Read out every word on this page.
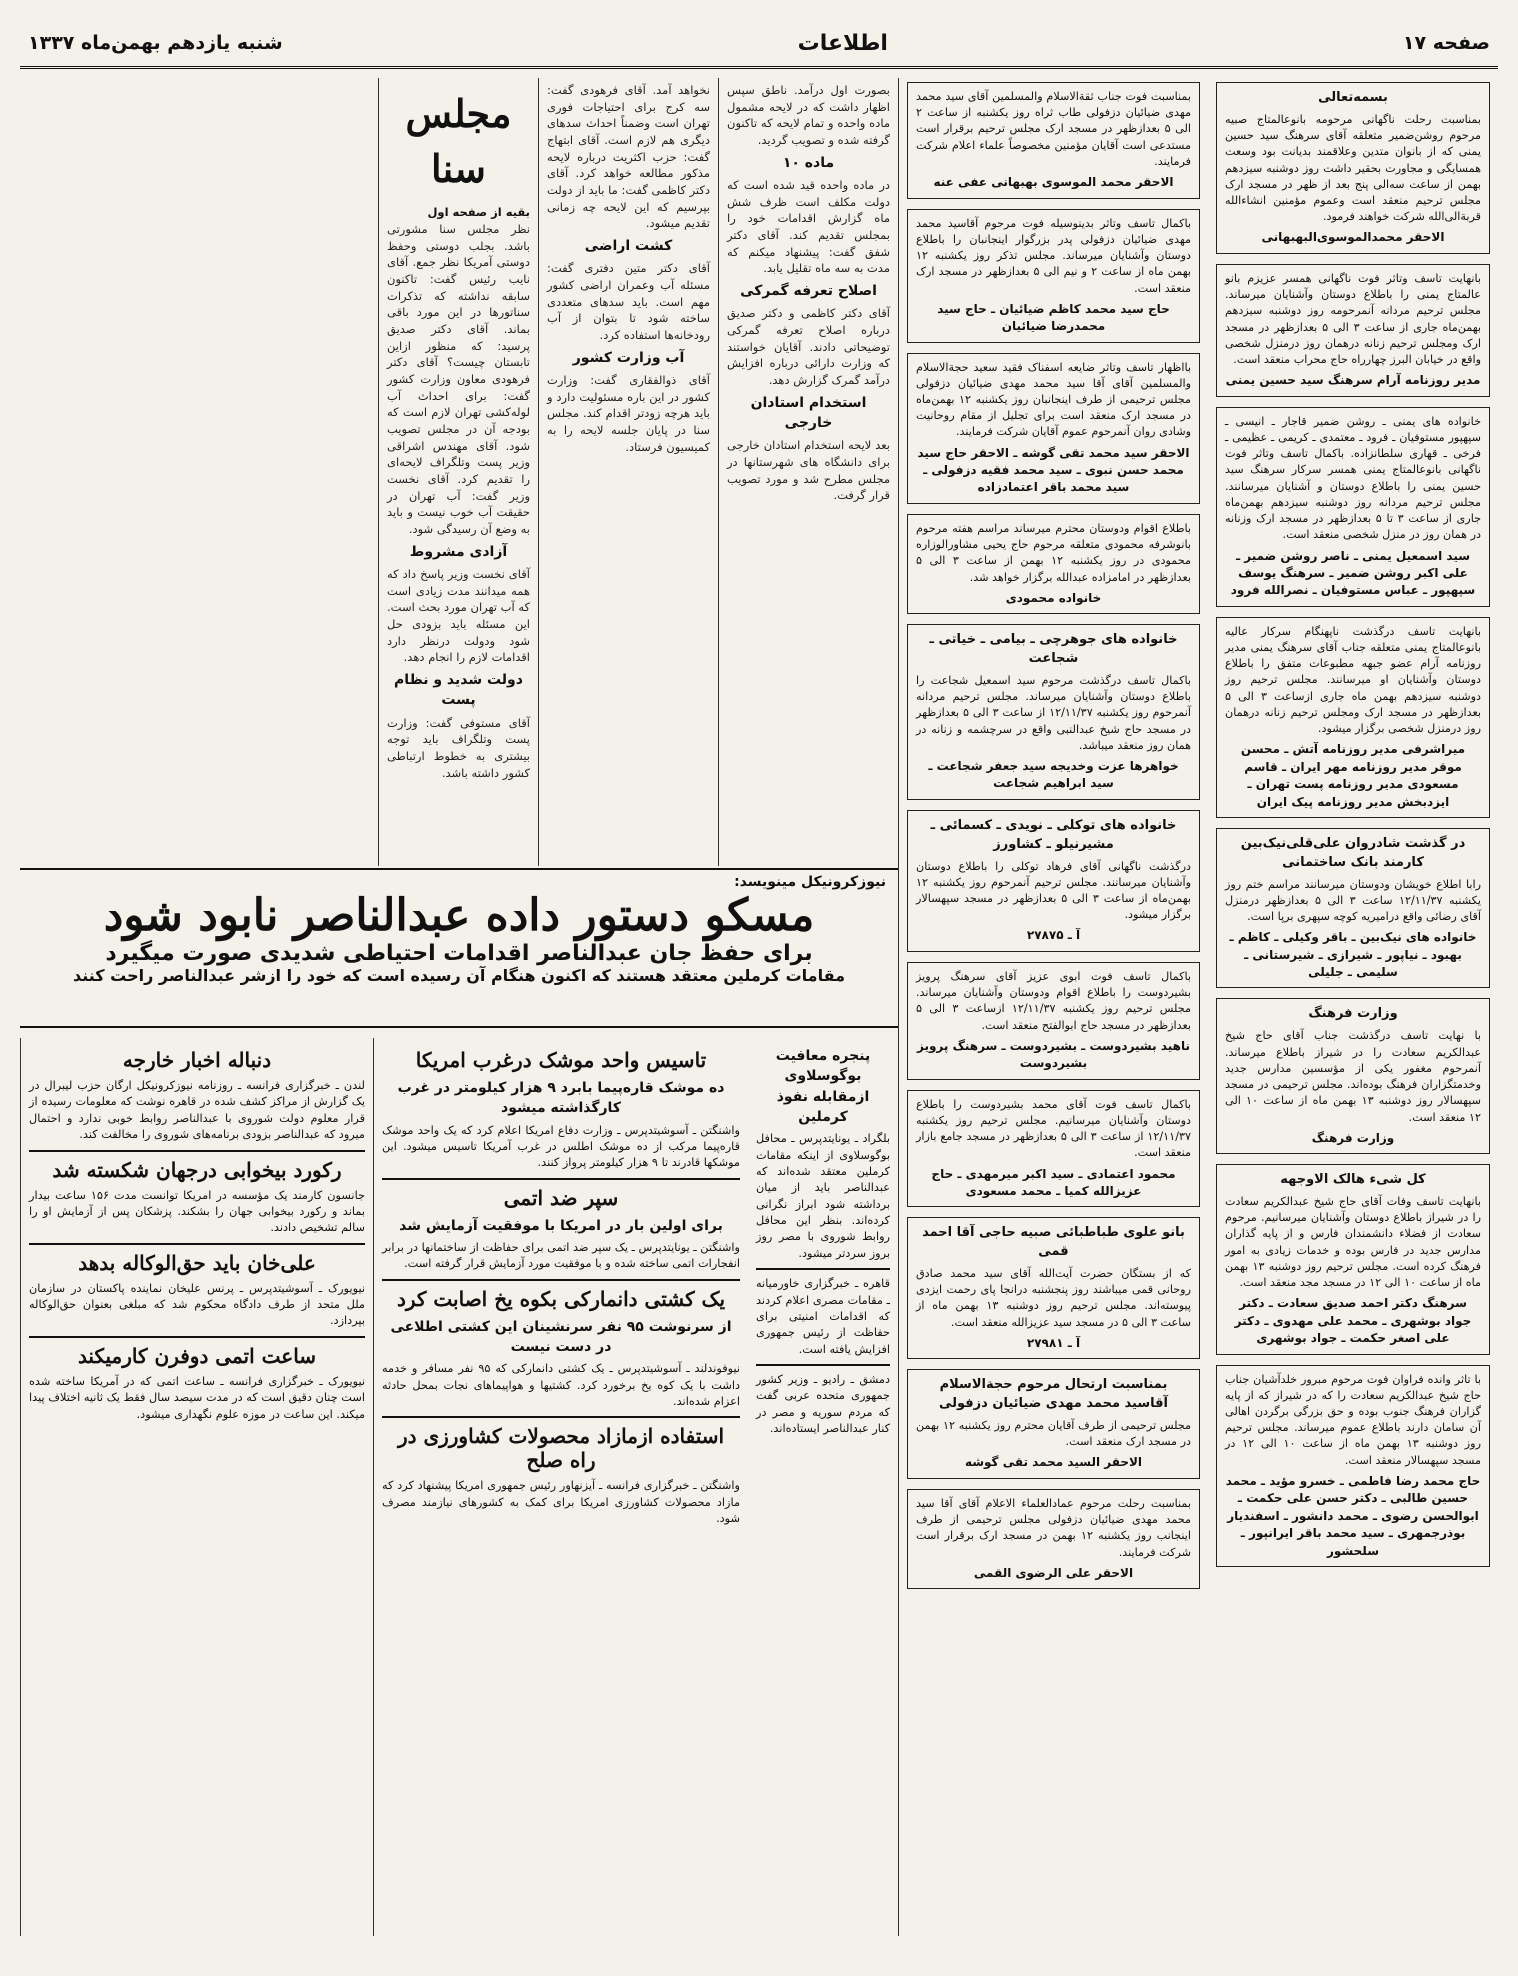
صفحه ۱۷
اطلاعات
شنبه یازدهم بهمن‌ماه ۱۳۳۷
بسمه‌تعالی
بمناسبت رحلت ناگهانی مرحومه بانوعالمتاج صبیه مرحوم روشن‌ضمیر متعلقه آقای سرهنگ سید حسین یمنی که از بانوان متدین وعلاقمند بدیانت بود وسعت همسایگی و مجاورت بحقیر داشت روز دوشنبه سیزدهم بهمن از ساعت سه‌الی پنج بعد از ظهر در مسجد ارک مجلس ترحیم منعقد است وعموم مؤمنین انشاءالله قربةالی‌الله شرکت خواهند فرمود.
الاحقر محمدالموسوی‌البهبهانی
بانهایت تاسف وتاثر فوت ناگهانی همسر عزیزم بانو عالمتاج یمنی را باطلاع دوستان وآشنایان میرساند. مجلس ترحیم مردانه آنمرحومه روز دوشنبه سیزدهم بهمن‌ماه جاری از ساعت ۳ الی ۵ بعدازظهر در مسجد ارک ومجلس ترحیم زنانه درهمان روز درمنزل شخصی واقع در خیابان البرز چهارراه حاج محراب منعقد است.
مدیر روزنامه آرام سرهنگ سید حسین یمنی
خانواده های یمنی ـ روشن ضمیر قاجار ـ انیسی ـ سپهپور مستوفیان ـ فرود ـ معتمدی ـ کریمی ـ عظیمی ـ فرخی ـ قهاری سلطانزاده. باکمال تاسف وتاثر فوت ناگهانی بانوعالمتاج یمنی همسر سرکار سرهنگ سید حسین یمنی را باطلاع دوستان و آشنایان میرسانند. مجلس ترحیم مردانه روز دوشنبه سیزدهم بهمن‌ماه جاری از ساعت ۳ تا ۵ بعدازظهر در مسجد ارک وزنانه در همان روز در منزل شخصی منعقد است.
سید اسمعیل یمنی ـ ناصر روشن ضمیر ـ علی اکبر روشن ضمیر ـ سرهنگ یوسف سپهپور ـ عباس مستوفیان ـ نصرالله فرود
بانهایت تاسف درگذشت ناپهنگام سرکار عالیه بانوعالمتاج یمنی متعلقه جناب آقای سرهنگ یمنی مدیر روزنامه آرام عضو جبهه مطبوعات متفق را باطلاع دوستان وآشنایان او میرسانند. مجلس ترحیم روز دوشنبه سیزدهم بهمن ماه جاری ازساعت ۳ الی ۵ بعدازظهر در مسجد ارک ومجلس ترحیم زنانه درهمان روز درمنزل شخصی برگزار میشود.
میراشرفی مدیر روزنامه آتش ـ محسن موقر مدیر روزنامه مهر ایران ـ قاسم مسعودی مدیر روزنامه پست تهران ـ ایزدبخش مدیر روزنامه پیک ایران
در گذشت شادروان علی‌قلی‌نیک‌بین کارمند بانک ساختمانی
رابا اطلاع خویشان ودوستان میرسانند مراسم ختم روز یکشنبه ۱۲/۱۱/۳۷ ساعت ۳ الی ۵ بعدازظهر درمنزل آقای رضائی واقع درامیریه کوچه سپهری برپا است.
خانواده های نیک‌بین ـ باقر وکیلی ـ کاظم ـ بهبود ـ نیاپور ـ شیرازی ـ شیرستانی ـ سلیمی ـ جلیلی
وزارت فرهنگ
با نهایت تاسف درگذشت جناب آقای حاج شیخ عبدالکریم سعادت را در شیراز باطلاع میرساند. آنمرحوم مغفور یکی از مؤسسین مدارس جدید وخدمتگزاران فرهنگ بوده‌اند. مجلس ترحیمی در مسجد سپهسالار روز دوشنبه ۱۳ بهمن ماه از ساعت ۱۰ الی ۱۲ منعقد است.
وزارت فرهنگ
کل شیء هالک الاوجهه
بانهایت تاسف وفات آقای حاج شیخ عبدالکریم سعادت را در شیراز باطلاع دوستان وآشنایان میرسانیم. مرحوم سعادت از فضلاء دانشمندان فارس و از پایه گذاران مدارس جدید در فارس بوده و خدمات زیادی به امور فرهنگ کرده است. مجلس ترحیم روز دوشنبه ۱۳ بهمن ماه از ساعت ۱۰ الی ۱۲ در مسجد مجد منعقد است.
سرهنگ دکتر احمد صدیق سعادت ـ دکتر جواد بوشهری ـ محمد علی مهدوی ـ دکتر علی اصغر حکمت ـ جواد بوشهری
با تاثر وانده فراوان فوت مرحوم مبرور خلدآشیان جناب حاج شیخ عبدالکریم سعادت را که در شیراز که از پایه گزاران فرهنگ جنوب بوده و حق بزرگی برگردن اهالی آن سامان دارند باطلاع عموم میرساند. مجلس ترحیم روز دوشنبه ۱۳ بهمن ماه از ساعت ۱۰ الی ۱۲ در مسجد سپهسالار منعقد است.
حاج محمد رضا فاطمی ـ خسرو مؤید ـ محمد حسین طالبی ـ دکتر حسن علی حکمت ـ ابوالحسن رضوی ـ محمد دانشور ـ اسفندیار بوذرجمهری ـ سید محمد باقر ایرانپور ـ سلحشور
بمناسبت فوت جناب ثقةالاسلام والمسلمین آقای سید محمد مهدی ضیائیان دزفولی طاب ثراه روز یکشنبه از ساعت ۲ الی ۵ بعدازظهر در مسجد ارک مجلس ترحیم برقرار است مستدعی است آقایان مؤمنین مخصوصاً علماء اعلام شرکت فرمایند.
الاحقر محمد الموسوی بهبهانی عفی عنه
باکمال تاسف وتاثر بدینوسیله فوت مرحوم آقاسید محمد مهدی ضیائیان دزفولی پدر بزرگوار اینجانبان را باطلاع دوستان وآشنایان میرساند. مجلس تذکر روز یکشنبه ۱۲ بهمن ماه از ساعت ۲ و نیم الی ۵ بعدازظهر در مسجد ارک منعقد است.
حاج سید محمد کاظم ضیائیان ـ حاج سید محمدرضا ضیائیان
بااظهار تاسف وتاثر ضایعه اسفناک فقید سعید حجةالاسلام والمسلمین آقای آقا سید محمد مهدی ضیائیان دزفولی مجلس ترحیمی از طرف اینجانبان روز یکشنبه ۱۲ بهمن‌ماه در مسجد ارک منعقد است برای تجلیل از مقام روحانیت وشادی روان آنمرحوم عموم آقایان شرکت فرمایند.
الاحقر سید محمد تقی گوشه ـ الاحقر حاج سید محمد حسن نبوی ـ سید محمد فقیه دزفولی ـ سید محمد باقر اعتمادزاده
باطلاع اقوام ودوستان محترم میرساند مراسم هفته مرحوم بانوشرفه محمودی متعلقه مرحوم حاج یحیی مشاورالوزاره محمودی در روز یکشنبه ۱۲ بهمن از ساعت ۳ الی ۵ بعدازظهر در امامزاده عبدالله برگزار خواهد شد.
خانواده محمودی
خانواده های جوهرچی ـ بیامی ـ خیاتی ـ شجاعت
باکمال تاسف درگذشت مرحوم سید اسمعیل شجاعت را باطلاع دوستان وآشنایان میرساند. مجلس ترحیم مردانه آنمرحوم روز یکشنبه ۱۲/۱۱/۳۷ از ساعت ۳ الی ۵ بعدازظهر در مسجد حاج شیخ عبدالنبی واقع در سرچشمه و زنانه در همان روز منعقد میباشد.
خواهرها عزت وخدیجه سید جعفر شجاعت ـ سید ابراهیم شجاعت
خانواده های توکلی ـ نویدی ـ کسمائی ـ مشیرنیلو ـ کشاورز
درگذشت ناگهانی آقای فرهاد توکلی را باطلاع دوستان وآشنایان میرسانند. مجلس ترحیم آنمرحوم روز یکشنبه ۱۲ بهمن‌ماه از ساعت ۳ الی ۵ بعدازظهر در مسجد سپهسالار برگزار میشود.
آ ـ ۲۷۸۷۵
باکمال تاسف فوت ابوی عزیز آقای سرهنگ پرویز بشیردوست را باطلاع اقوام ودوستان وآشنایان میرساند. مجلس ترحیم روز یکشنبه ۱۲/۱۱/۳۷ ازساعت ۳ الی ۵ بعدازظهر در مسجد حاج ابوالفتح منعقد است.
ناهید بشیردوست ـ بشیردوست ـ سرهنگ پرویز بشیردوست
باکمال تاسف فوت آقای محمد بشیردوست را باطلاع دوستان وآشنایان میرسانیم. مجلس ترحیم روز یکشنبه ۱۲/۱۱/۳۷ از ساعت ۳ الی ۵ بعدازظهر در مسجد جامع بازار منعقد است.
محمود اعتمادی ـ سید اکبر میرمهدی ـ حاج عزیزالله کمیا ـ محمد مسعودی
بانو علوی طباطبائی صبیه حاجی آقا احمد قمی
که از بستگان حضرت آیت‌الله آقای سید محمد صادق روحانی قمی میباشند روز پنجشنبه درانجا پای رحمت ایزدی پیوسته‌اند. مجلس ترحیم روز دوشنبه ۱۳ بهمن ماه از ساعت ۳ الی ۵ در مسجد سید عزیزالله منعقد است.
آ ـ ۲۷۹۸۱
بمناسبت ارتحال مرحوم حجةالاسلام آقاسید محمد مهدی ضیائیان دزفولی
مجلس ترحیمی از طرف آقایان محترم روز یکشنبه ۱۲ بهمن در مسجد ارک منعقد است.
الاحقر السید محمد تقی گوشه
بمناسبت رحلت مرحوم عمادالعلماء الاعلام آقای آقا سید محمد مهدی ضیائیان دزفولی مجلس ترحیمی از طرف اینجانب روز یکشنبه ۱۲ بهمن در مسجد ارک برقرار است شرکت فرمایند.
الاحقر علی الرضوی القمی
بصورت اول درآمد. ناطق سپس اظهار داشت که در لایحه مشمول ماده واحده و تمام لایحه که تاکنون گرفته شده و تصویب گردید.
ماده ۱۰
در ماده واحده قید شده است که دولت مکلف است ظرف شش ماه گزارش اقدامات خود را بمجلس تقدیم کند. آقای دکتر شفق گفت: پیشنهاد میکنم که مدت به سه ماه تقلیل یابد.
اصلاح تعرفه گمرکی
آقای دکتر کاظمی و دکتر صدیق درباره اصلاح تعرفه گمرکی توضیحاتی دادند. آقایان خواستند که وزارت دارائی درباره افزایش درآمد گمرک گزارش دهد.
استخدام استادان خارجی
بعد لایحه استخدام استادان خارجی برای دانشگاه های شهرستانها در مجلس مطرح شد و مورد تصویب قرار گرفت.
نخواهد آمد. آقای فرهودی گفت: سه کرج برای احتیاجات فوری تهران است وضمناً احداث سدهای دیگری هم لازم است. آقای ابتهاج گفت: حزب اکثریت درباره لایحه مذکور مطالعه خواهد کرد. آقای دکتر کاظمی گفت: ما باید از دولت بپرسیم که این لایحه چه زمانی تقدیم میشود.
کشت اراضی
آقای دکتر متین دفتری گفت: مسئله آب وعمران اراضی کشور مهم است. باید سدهای متعددی ساخته شود تا بتوان از آب رودخانه‌ها استفاده کرد.
آب وزارت کشور
آقای ذوالفقاری گفت: وزارت کشور در این باره مسئولیت دارد و باید هرچه زودتر اقدام کند. مجلس سنا در پایان جلسه لایحه را به کمیسیون فرستاد.
مجلس سنا
بقیه از صفحه اول
نظر مجلس سنا مشورتی باشد. بجلب دوستی وحفظ دوستی آمریکا نظر جمع. آقای نایب رئیس گفت: تاکنون سابقه نداشته که تذکرات سناتورها در این مورد باقی بماند. آقای دکتر صدیق پرسید: که منظور ازاین تابستان چیست؟ آقای دکتر فرهودی معاون وزارت کشور گفت: برای احداث آب لوله‌کشی تهران لازم است که بودجه آن در مجلس تصویب شود. آقای مهندس اشراقی وزیر پست وتلگراف لایحه‌ای را تقدیم کرد. آقای نخست وزیر گفت: آب تهران در حقیقت آب خوب نیست و باید به وضع آن رسیدگی شود.
آزادی مشروط
آقای نخست وزیر پاسخ داد که همه میدانند مدت زیادی است که آب تهران مورد بحث است. این مسئله باید بزودی حل شود ودولت درنظر دارد اقدامات لازم را انجام دهد.
دولت شدید و نظام پست
آقای مستوفی گفت: وزارت پست وتلگراف باید توجه بیشتری به خطوط ارتباطی کشور داشته باشد.
نیوزکرونیکل مینویسد:
مسکو دستور داده عبدالناصر نابود شود
برای حفظ جان عبدالناصر اقدامات احتیاطی شدیدی صورت میگیرد
مقامات کرملین معتقد هستند که اکنون هنگام آن رسیده است که خود را ازشر عبدالناصر راحت کنند
پنجره معافیت بوگوسلاوی ازمقابله نفوذ کرملین
بلگراد ـ یونایتدپرس ـ محافل بوگوسلاوی از اینکه مقامات کرملین معتقد شده‌اند که عبدالناصر باید از میان برداشته شود ابراز نگرانی کرده‌اند. بنظر این محافل روابط شوروی با مصر روز بروز سردتر میشود.
قاهره ـ خبرگزاری خاورمیانه ـ مقامات مصری اعلام کردند که اقدامات امنیتی برای حفاظت از رئیس جمهوری افزایش یافته است.
دمشق ـ رادیو ـ وزیر کشور جمهوری متحده عربی گفت که مردم سوریه و مصر در کنار عبدالناصر ایستاده‌اند.
تاسیس واحد موشک درغرب امریکا
ده موشک قاره‌پیما بابرد ۹ هزار کیلومتر در غرب کارگذاشته میشود
واشنگتن ـ آسوشیتدپرس ـ وزارت دفاع امریکا اعلام کرد که یک واحد موشک قاره‌پیما مرکب از ده موشک اطلس در غرب آمریکا تاسیس میشود. این موشکها قادرند تا ۹ هزار کیلومتر پرواز کنند.
سپر ضد اتمی
برای اولین بار در امریکا با موفقیت آزمایش شد
واشنگتن ـ یونایتدپرس ـ یک سپر ضد اتمی برای حفاظت از ساختمانها در برابر انفجارات اتمی ساخته شده و با موفقیت مورد آزمایش قرار گرفته است.
یک کشتی دانمارکی بکوه یخ اصابت کرد
از سرنوشت ۹۵ نفر سرنشینان این کشتی اطلاعی در دست نیست
نیوفوندلند ـ آسوشیتدپرس ـ یک کشتی دانمارکی که ۹۵ نفر مسافر و خدمه داشت با یک کوه یخ برخورد کرد. کشتیها و هواپیماهای نجات بمحل حادثه اعزام شده‌اند.
استفاده ازمازاد محصولات کشاورزی در راه صلح
واشنگتن ـ خبرگزاری فرانسه ـ آیزنهاور رئیس جمهوری امریکا پیشنهاد کرد که مازاد محصولات کشاورزی امریکا برای کمک به کشورهای نیازمند مصرف شود.
دنباله اخبار خارجه
لندن ـ خبرگزاری فرانسه ـ روزنامه نیوزکرونیکل ارگان حزب لیبرال در یک گزارش از مراکز کشف شده در قاهره نوشت که معلومات رسیده از قرار معلوم دولت شوروی با عبدالناصر روابط خوبی ندارد و احتمال میرود که عبدالناصر بزودی برنامه‌های شوروی را مخالفت کند.
رکورد بیخوابی درجهان شکسته شد
جانسون کارمند یک مؤسسه در امریکا توانست مدت ۱۵۶ ساعت بیدار بماند و رکورد بیخوابی جهان را بشکند. پزشکان پس از آزمایش او را سالم تشخیص دادند.
علی‌خان باید حق‌الوکاله بدهد
نیویورک ـ آسوشیتدپرس ـ پرنس علیخان نماینده پاکستان در سازمان ملل متحد از طرف دادگاه محکوم شد که مبلغی بعنوان حق‌الوکاله بپردازد.
ساعت اتمی دوفرن کارمیکند
نیویورک ـ خبرگزاری فرانسه ـ ساعت اتمی که در آمریکا ساخته شده است چنان دقیق است که در مدت سیصد سال فقط یک ثانیه اختلاف پیدا میکند. این ساعت در موزه علوم نگهداری میشود.
